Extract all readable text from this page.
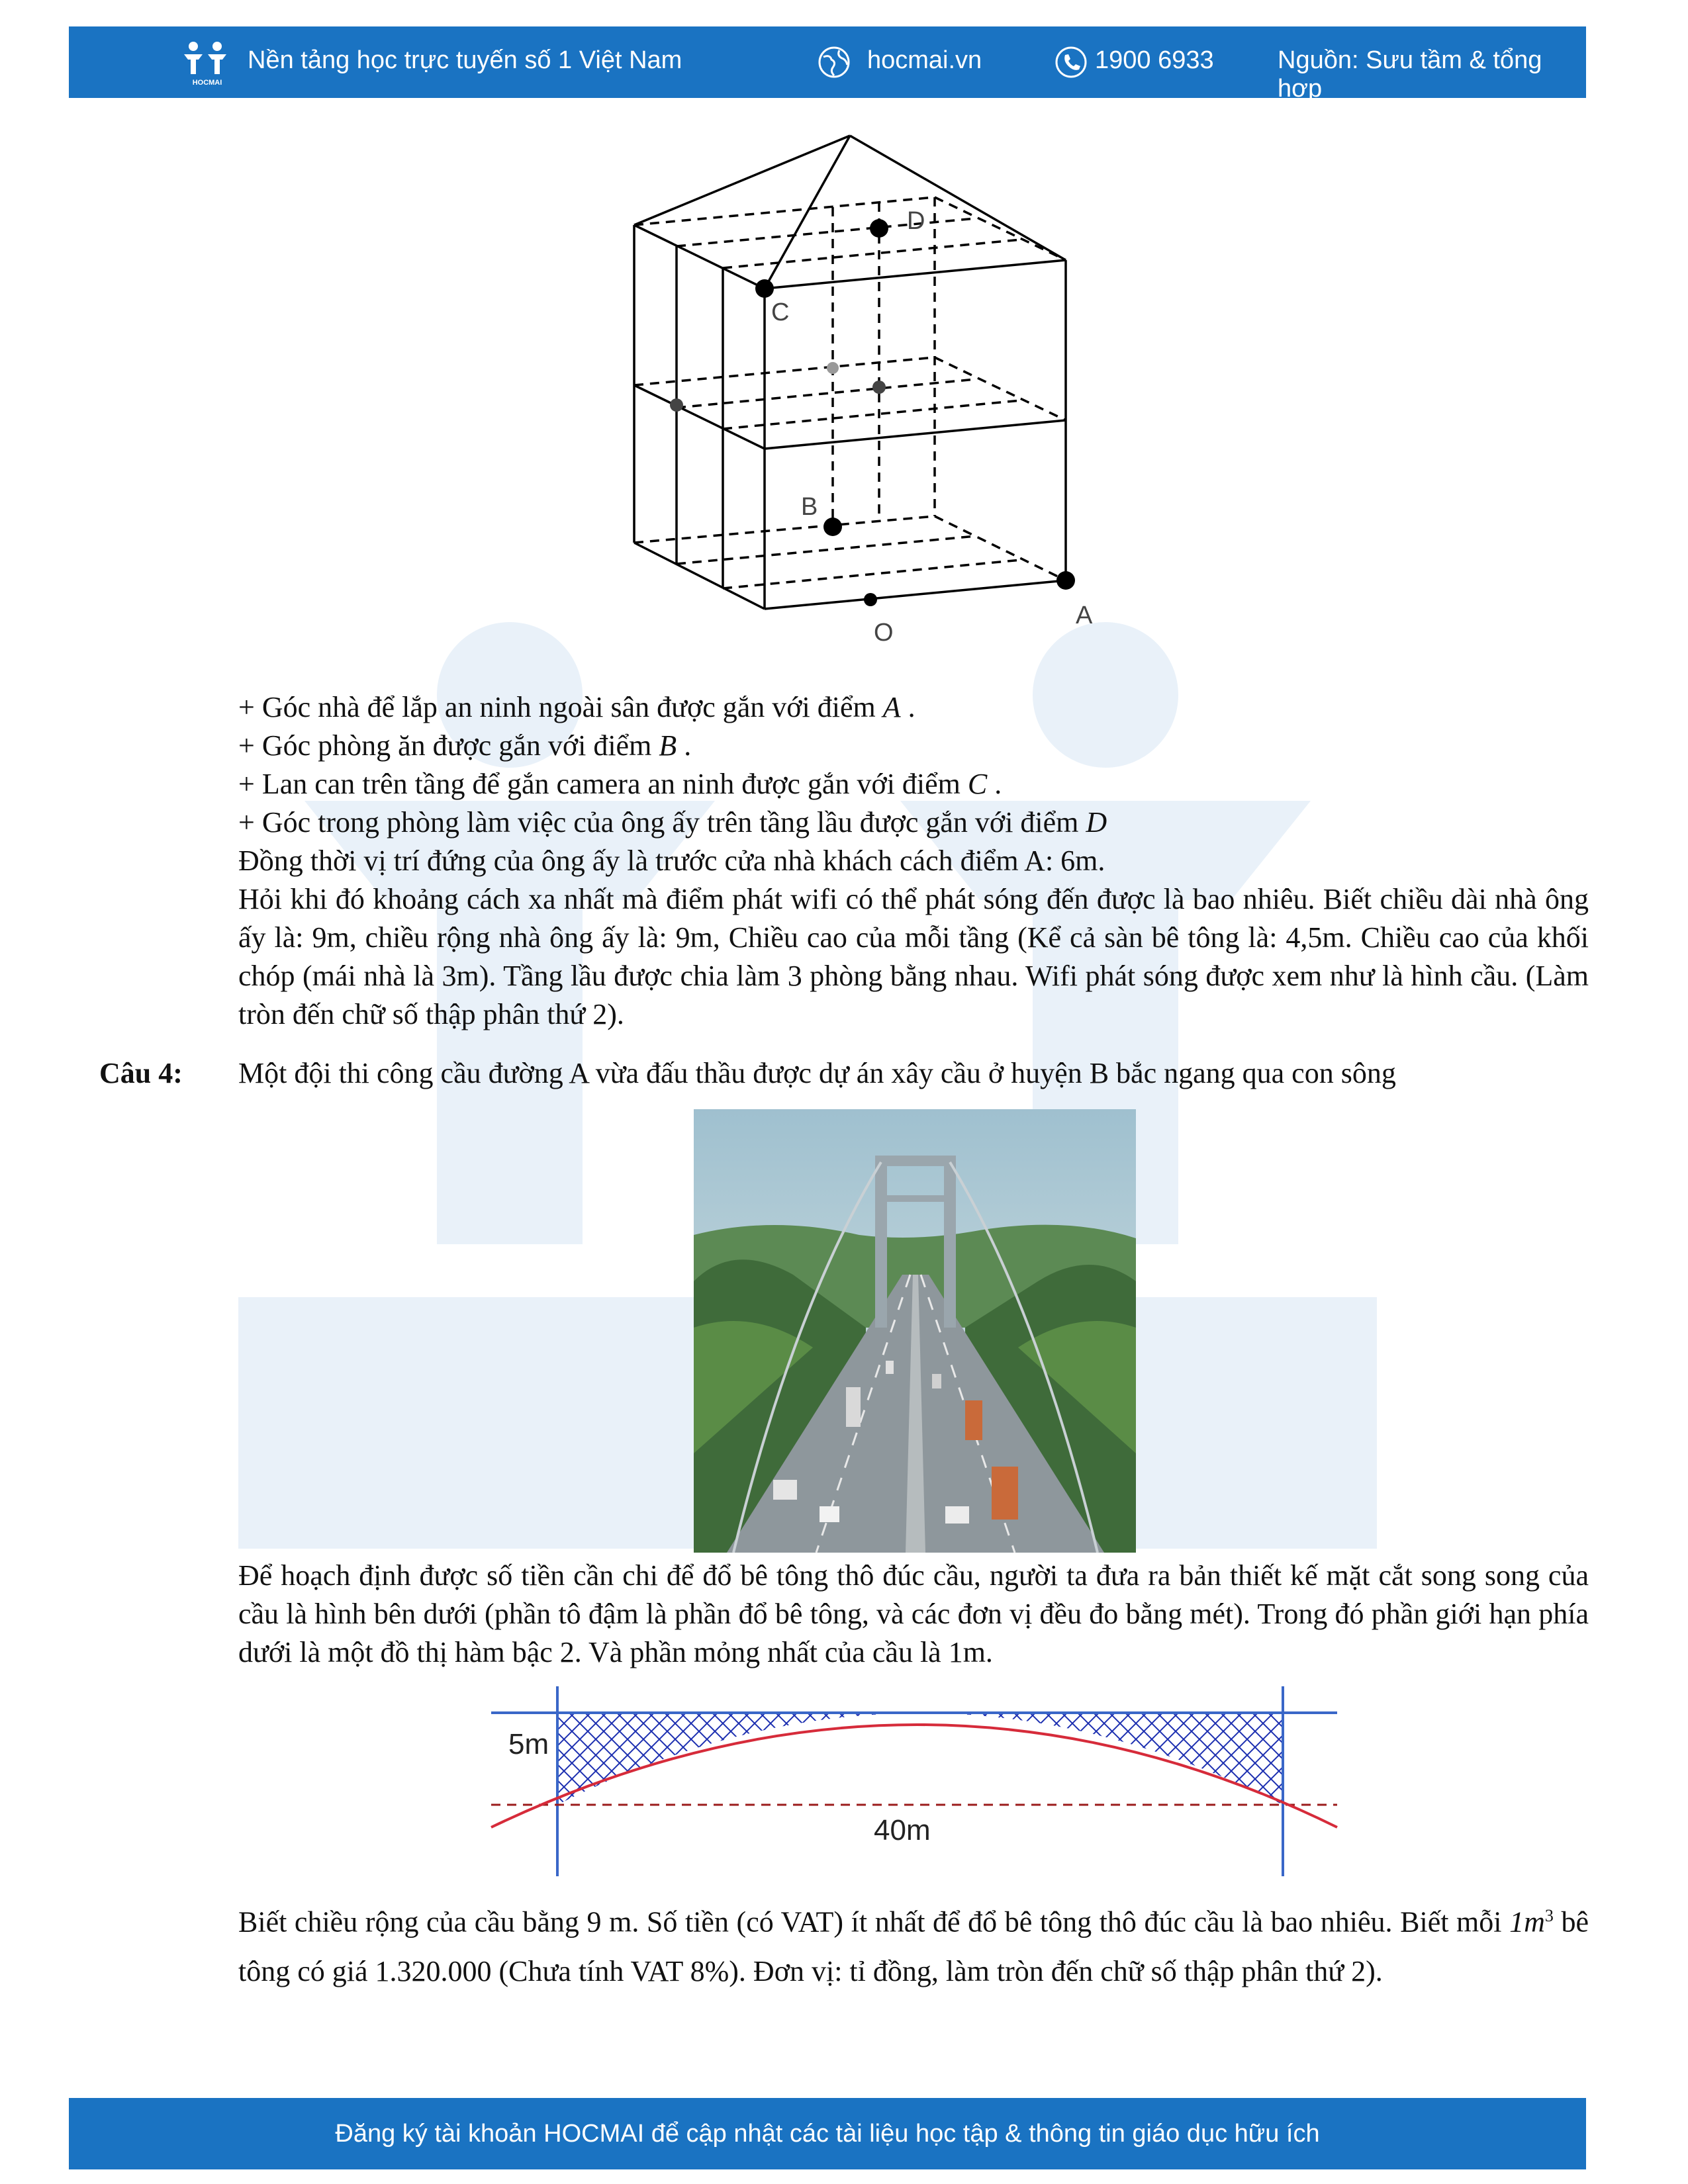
HOCMAI
Nền tảng học trực tuyến số 1 Việt Nam	hocmai.vn	1900 6933	Nguồn: Sưu tầm & tổng hợp
D
C
B
A
O
+ Góc nhà để lắp an ninh ngoài sân được gắn với điểm A .
+ Góc phòng ăn được gắn với điểm B .
+ Lan can trên tầng để gắn camera an ninh được gắn với điểm C .
+ Góc trong phòng làm việc của ông ấy trên tầng lầu được gắn với điểm D
Đồng thời vị trí đứng của ông ấy là trước cửa nhà khách cách điểm A: 6m.
Hỏi khi đó khoảng cách xa nhất mà điểm phát wifi có thể phát sóng đến được là bao nhiêu. Biết chiều dài nhà ông ấy là: 9m, chiều rộng nhà ông ấy là: 9m, Chiều cao của mỗi tầng (Kể cả sàn bê tông là: 4,5m. Chiều cao của khối chóp (mái nhà là 3m). Tầng lầu được chia làm 3 phòng bằng nhau. Wifi phát sóng được xem như là hình cầu. (Làm tròn đến chữ số thập phân thứ 2).
Câu 4: Một đội thi công cầu đường A vừa đấu thầu được dự án xây cầu ở huyện B bắc ngang qua con sông
Để hoạch định được số tiền cần chi để đổ bê tông thô đúc cầu, người ta đưa ra bản thiết kế mặt cắt song song của cầu là hình bên dưới (phần tô đậm là phần đổ bê tông, và các đơn vị đều đo bằng mét). Trong đó phần giới hạn phía dưới là một đồ thị hàm bậc 2. Và phần mỏng nhất của cầu là 1m.
5m
40m
Biết chiều rộng của cầu bằng 9 m. Số tiền (có VAT) ít nhất để đổ bê tông thô đúc cầu là bao nhiêu. Biết mỗi $1m^3$ bê tông có giá 1.320.000 (Chưa tính VAT 8%). Đơn vị: tỉ đồng, làm tròn đến chữ số thập phân thứ 2).
Đăng ký tài khoản HOCMAI để cập nhật các tài liệu học tập & thông tin giáo dục hữu ích
